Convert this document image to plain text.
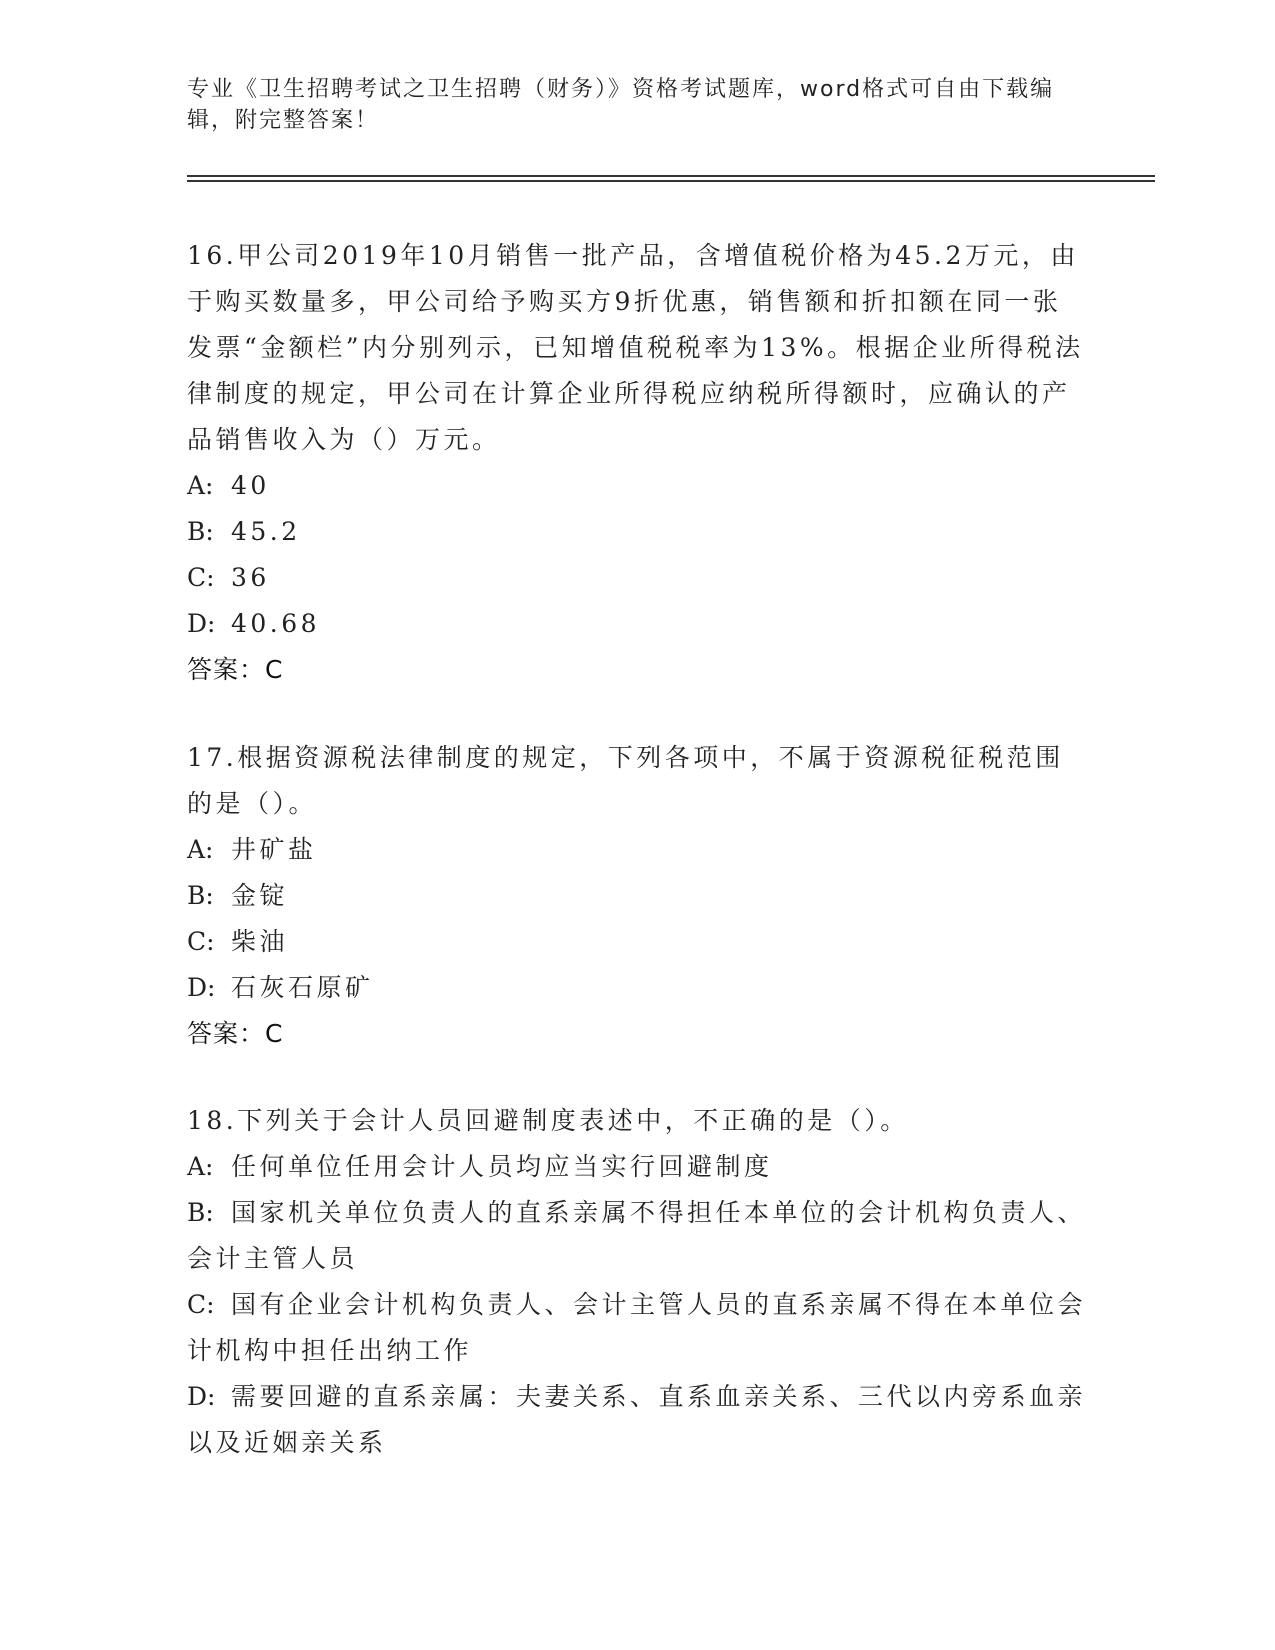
专业《卫生招聘考试之卫生招聘（财务）》资格考试题库，word格式可自由下载编辑，附完整答案！

16.甲公司2019年10月销售一批产品，含增值税价格为45.2万元，由于购买数量多，甲公司给予购买方9折优惠，销售额和折扣额在同一张发票“金额栏”内分别列示，已知增值税税率为13%。根据企业所得税法律制度的规定，甲公司在计算企业所得税应纳税所得额时，应确认的产品销售收入为（）万元。

A: 40

B: 45.2

C: 36

D: 40.68

答案：C

17.根据资源税法律制度的规定，下列各项中，不属于资源税征税范围的是（）。

A: 井矿盐

B: 金锭

C: 柴油

D: 石灰石原矿

答案：C

18.下列关于会计人员回避制度表述中，不正确的是（）。

A: 任何单位任用会计人员均应当实行回避制度

B: 国家机关单位负责人的直系亲属不得担任本单位的会计机构负责人、会计主管人员

C: 国有企业会计机构负责人、会计主管人员的直系亲属不得在本单位会计机构中担任出纳工作

D: 需要回避的直系亲属：夫妻关系、直系血亲关系、三代以内旁系血亲以及近姻亲关系
